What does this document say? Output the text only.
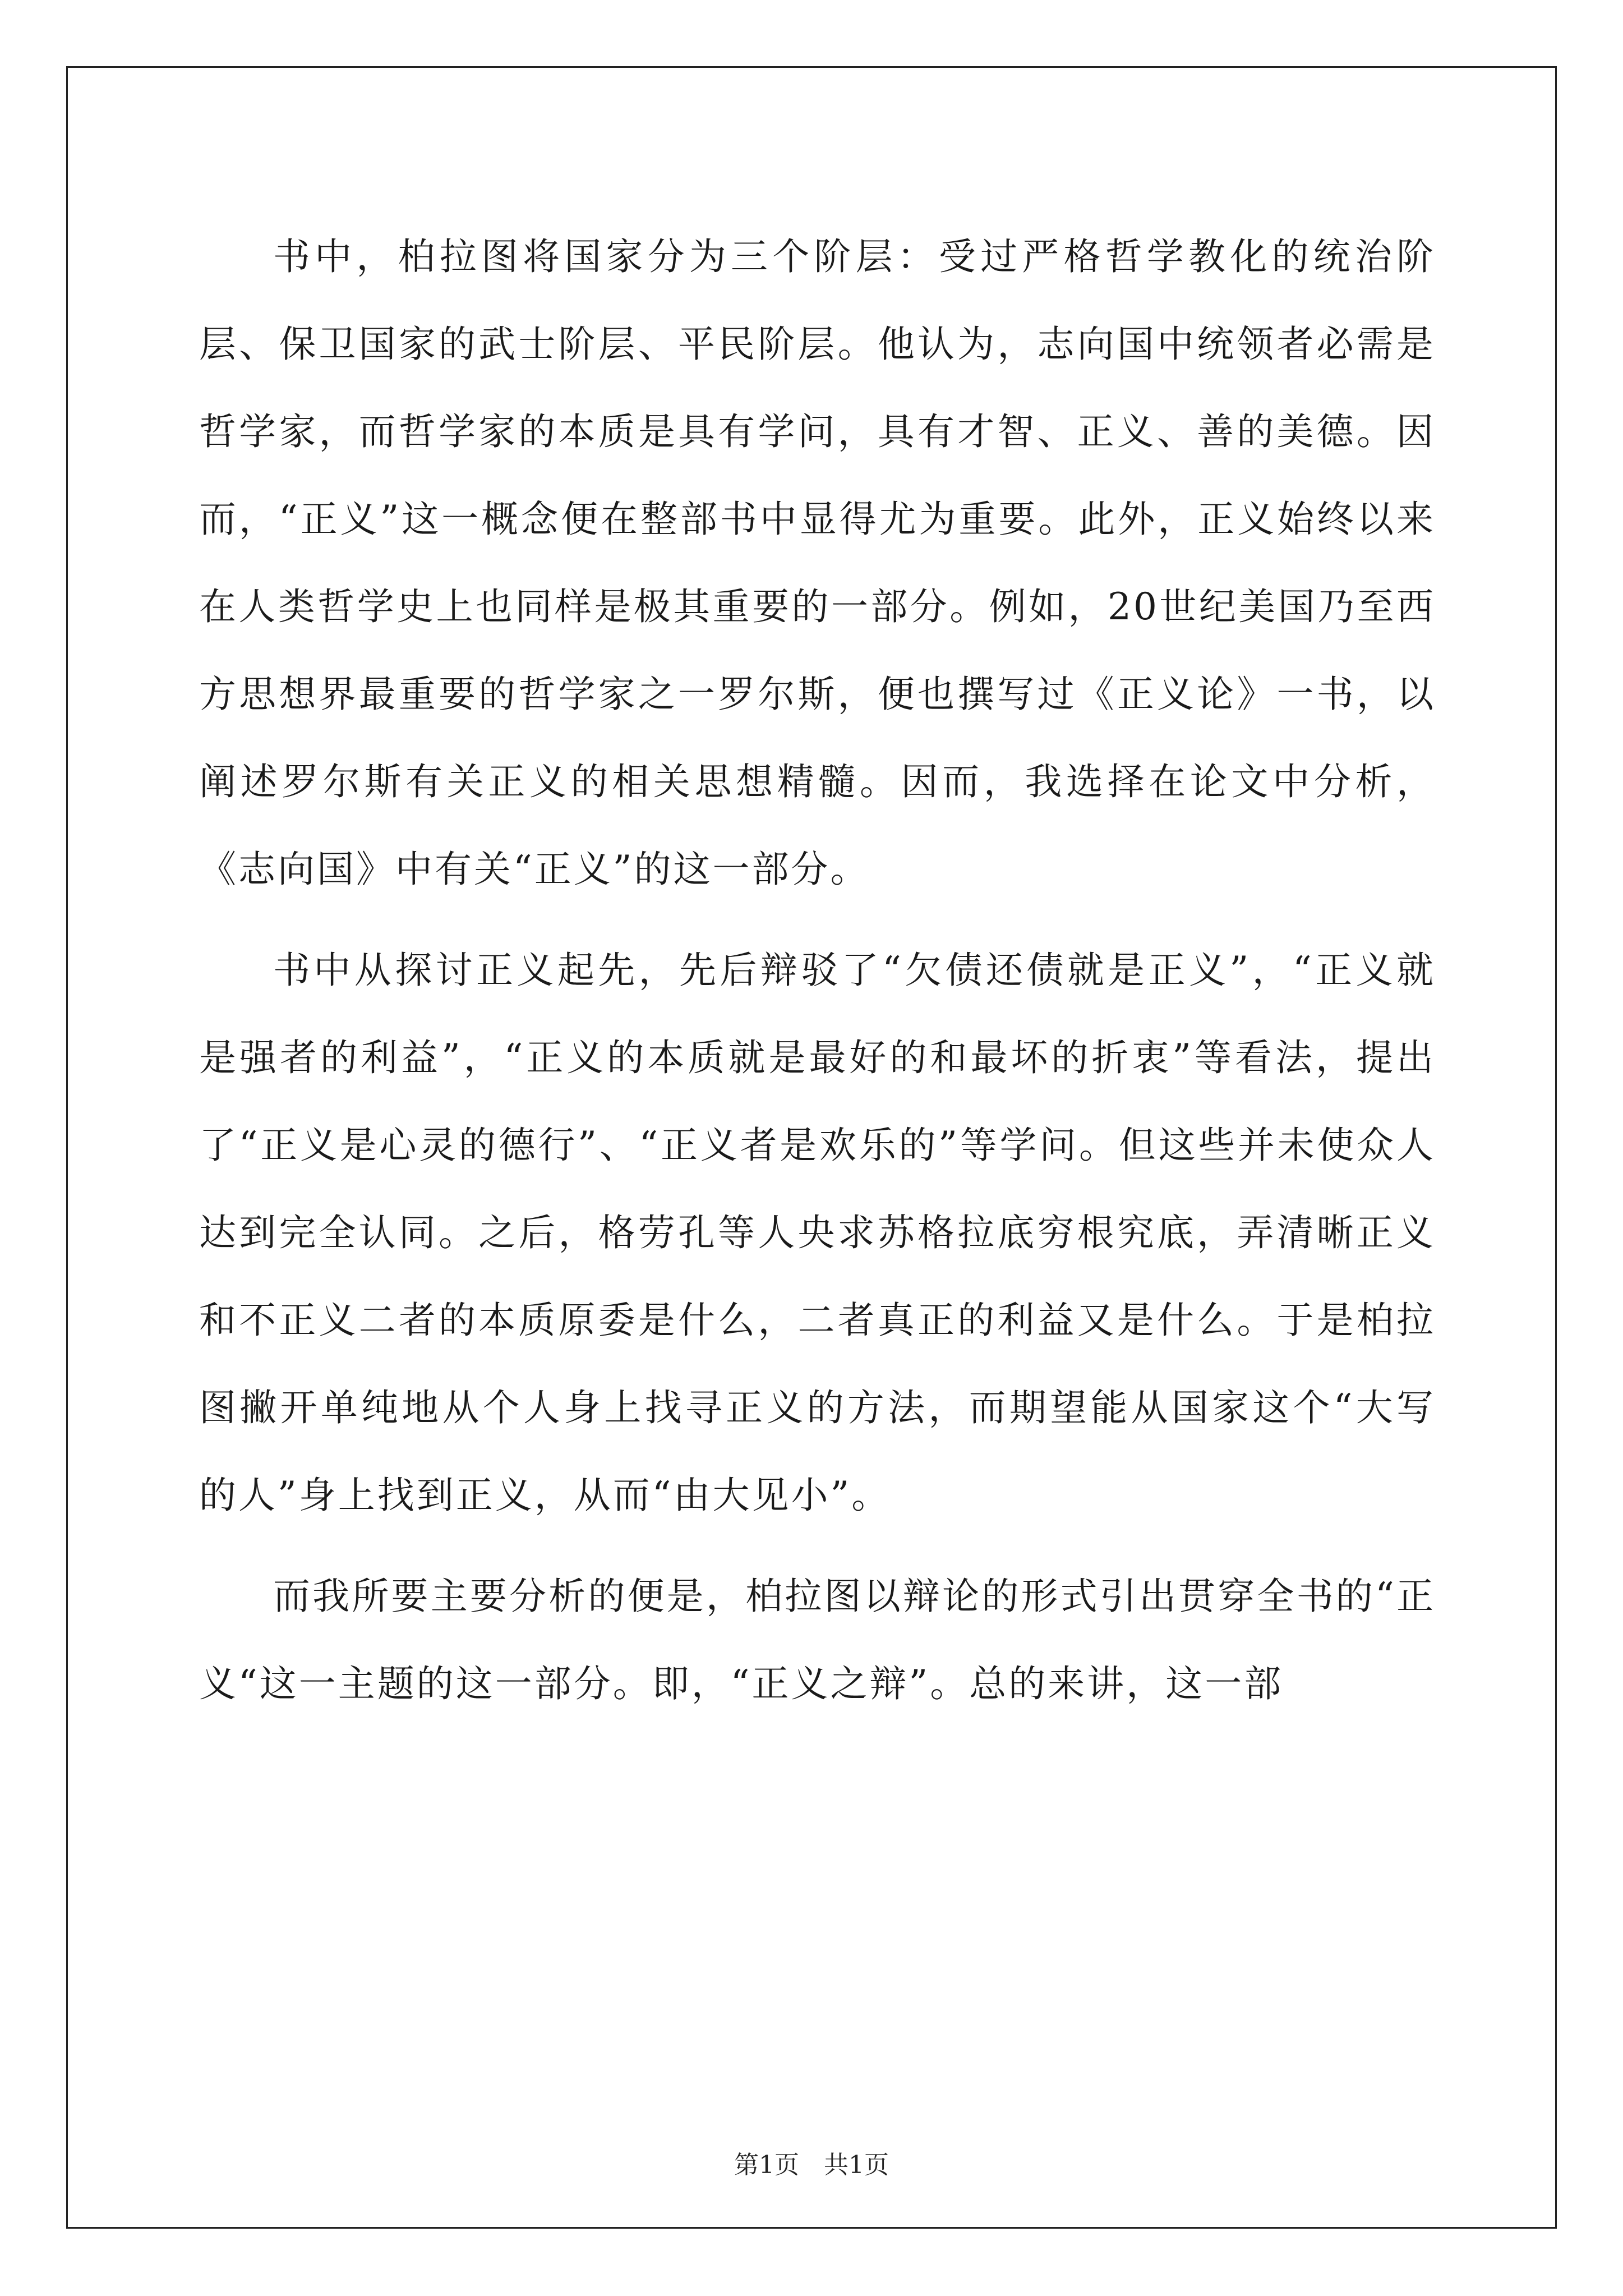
书中，柏拉图将国家分为三个阶层：受过严格哲学教化的统治阶层、保卫国家的武士阶层、平民阶层。他认为，志向国中统领者必需是哲学家，而哲学家的本质是具有学问，具有才智、正义、善的美德。因而，“正义”这一概念便在整部书中显得尤为重要。此外，正义始终以来在人类哲学史上也同样是极其重要的一部分。例如，20世纪美国乃至西方思想界最重要的哲学家之一罗尔斯，便也撰写过《正义论》一书，以阐述罗尔斯有关正义的相关思想精髓。因而，我选择在论文中分析，《志向国》中有关“正义”的这一部分。

书中从探讨正义起先，先后辩驳了“欠债还债就是正义”，“正义就是强者的利益”，“正义的本质就是最好的和最坏的折衷”等看法，提出了“正义是心灵的德行”、“正义者是欢乐的”等学问。但这些并未使众人达到完全认同。之后，格劳孔等人央求苏格拉底穷根究底，弄清晰正义和不正义二者的本质原委是什么，二者真正的利益又是什么。于是柏拉图撇开单纯地从个人身上找寻正义的方法，而期望能从国家这个“大写的人”身上找到正义，从而“由大见小”。

而我所要主要分析的便是，柏拉图以辩论的形式引出贯穿全书的“正义“这一主题的这一部分。即，“正义之辩”。总的来讲，这一部

第1页　共1页
